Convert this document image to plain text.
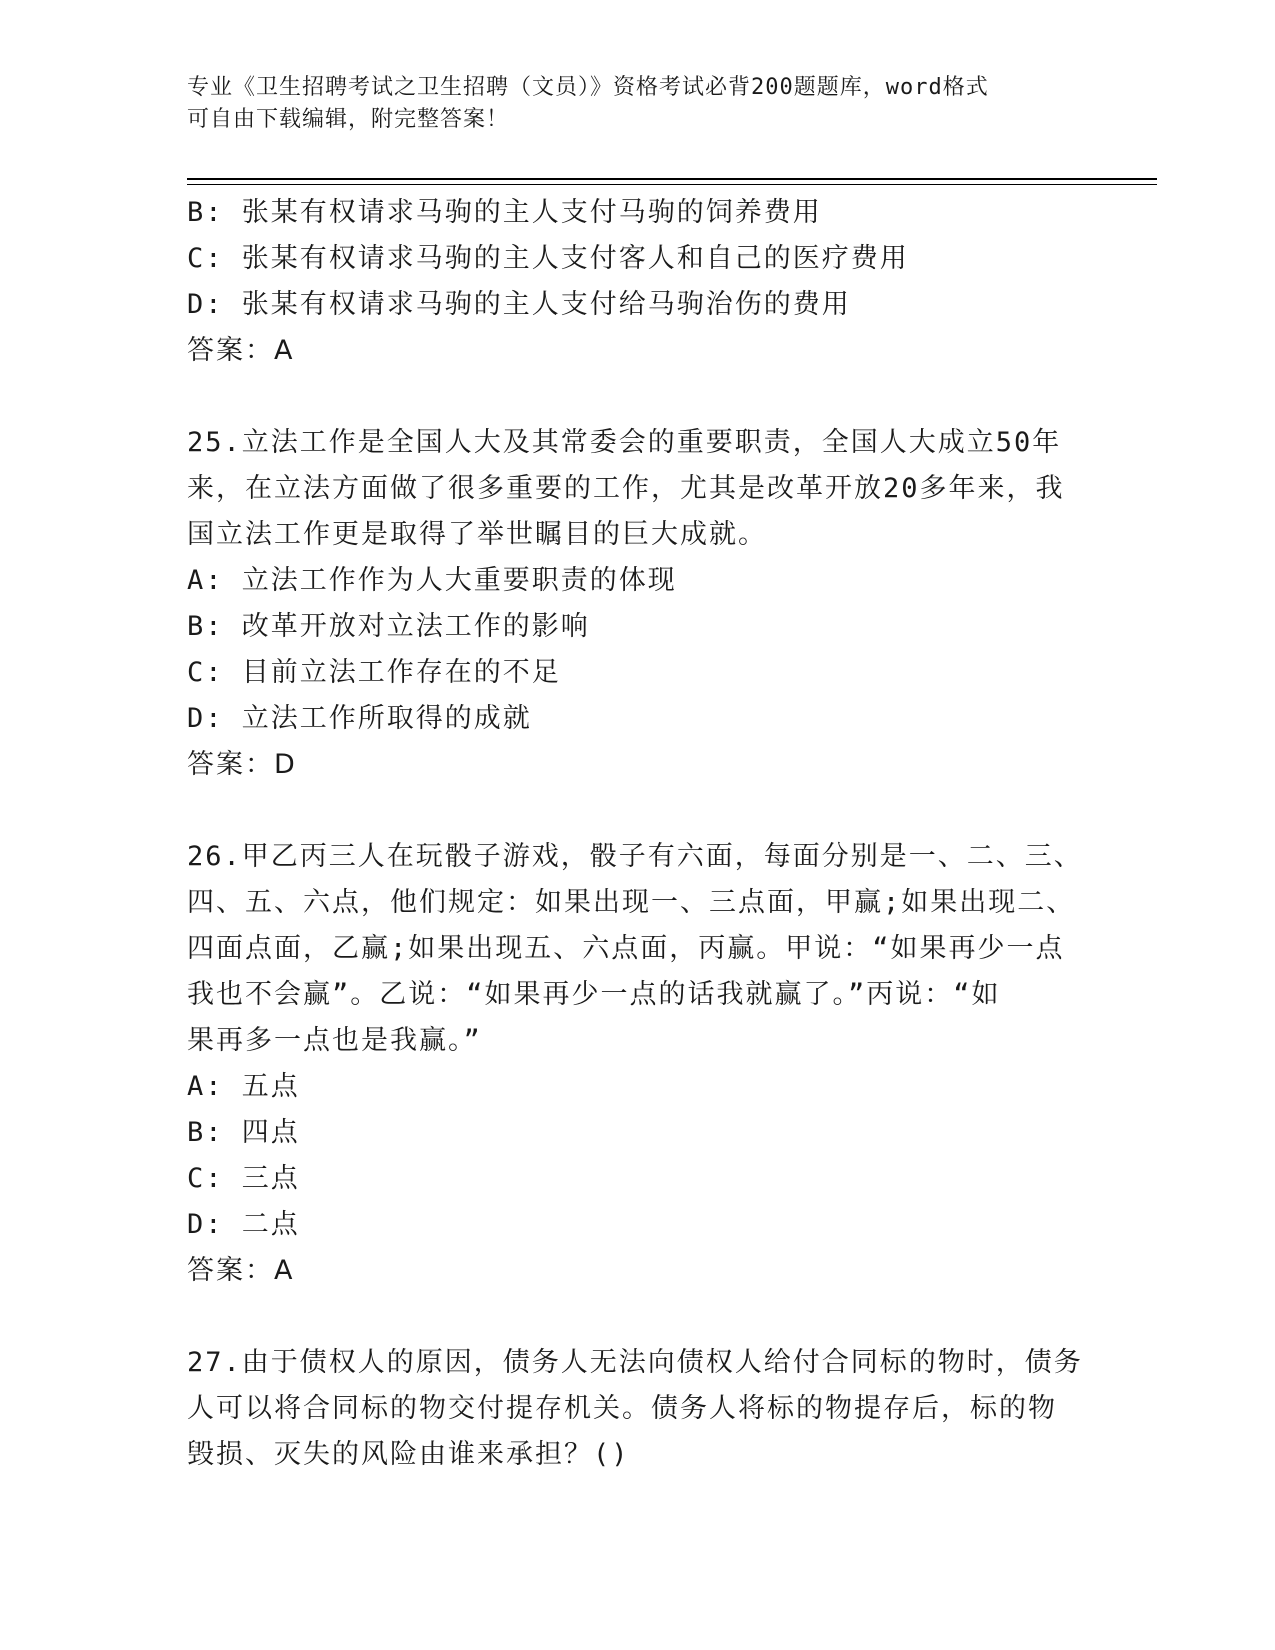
专业《卫生招聘考试之卫生招聘（文员）》资格考试必背200题题库，word格式
可自由下载编辑，附完整答案！
B: 张某有权请求马驹的主人支付马驹的饲养费用
C: 张某有权请求马驹的主人支付客人和自己的医疗费用
D: 张某有权请求马驹的主人支付给马驹治伤的费用
答案：A
25.立法工作是全国人大及其常委会的重要职责，全国人大成立50年
来，在立法方面做了很多重要的工作，尤其是改革开放20多年来，我
国立法工作更是取得了举世瞩目的巨大成就。
A: 立法工作作为人大重要职责的体现
B: 改革开放对立法工作的影响
C: 目前立法工作存在的不足
D: 立法工作所取得的成就
答案：D
26.甲乙丙三人在玩骰子游戏，骰子有六面，每面分别是一、二、三、
四、五、六点，他们规定：如果出现一、三点面，甲赢;如果出现二、
四面点面，乙赢;如果出现五、六点面，丙赢。甲说：“如果再少一点
我也不会赢”。乙说：“如果再少一点的话我就赢了。”丙说：“如
果再多一点也是我赢。”
A: 五点
B: 四点
C: 三点
D: 二点
答案：A
27.由于债权人的原因，债务人无法向债权人给付合同标的物时，债务
人可以将合同标的物交付提存机关。债务人将标的物提存后，标的物
毁损、灭失的风险由谁来承担？()
